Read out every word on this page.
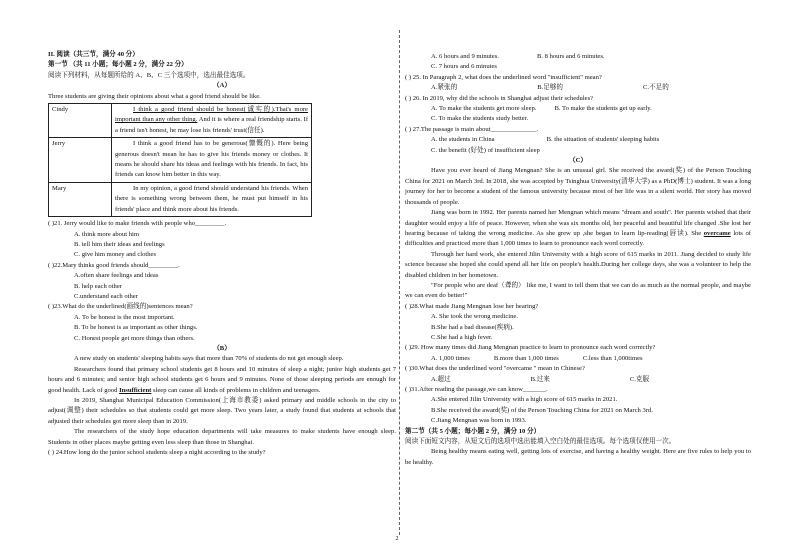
II. 阅读（共三节，满分 40 分）
第一节 （共 11 小题；每小题 2 分，满分 22 分）
阅读下列材料，从每题所给的 A、B、C 三个选项中，选出最佳选项。
（A）
Three students are giving their opinions about what a good friend should be like.
Cindy	I think a good friend should be honest(诚实的).That's more important than any other thing. And it is where a real friendship starts. If a friend isn't honest, he may lose his friends' trust(信任).
Jerry	I think a good friend has to be generous(慷慨的). Here being generous doesn't mean he has to give his friends money or clothes. It means he should share his ideas and feelings with his friends. In fact, his friends can know him better in this way.
Mary	In my opinion, a good friend should understand his friends. When there is something wrong between them, he must put himself in his friends' place and think more about his friends.
( )21. Jerry would like to make friends with people who_________.
A. think more about him
B. tell him their ideas and feelings
C. give him money and clothes
( )22.Mary thinks good friends should_________.
A.often share feelings and ideas
B. help each other
C.understand each other
( )23.What do the underlined(画线的)sentences mean?
A. To be honest is the most important.
B. To be honest is as important as other things.
C. Honest people get more things than others.
（B）
A new study on students' sleeping habits says that more than 70% of students do not get enough sleep.
Researchers found that primary school students get 8 hours and 10 minutes of sleep a night; junior high students get 7 hours and 6 minutes; and senior high school students get 6 hours and 9 minutes. None of those sleeping periods are enough for good health. Lack of good Insufficient sleep can cause all kinds of problems in children and teenagers.
In 2019, Shanghai Municipal Education Commission(上海市教委) asked primary and middle schools in the city to adjust(调整) their schedules so that students could get more sleep. Two years later, a study found that students at schools that adjusted their schedules got more sleep than in 2019.
The researchers of the study hope education departments will take measures to make students have enough sleep. Students in other places maybe getting even less sleep than those in Shanghai.
( ) 24.How long do the junior school students sleep a night according to the study?
A. 6 hours and 9 minutes.	B. 8 hours and 6 minutes.
C. 7 hours and 6 minutes
( ) 25. In Paragraph 2, what does the underlined word "insufficient" mean?
A.紧张的	B.足够的	C.不足的
( ) 26. In 2019, why did the schools in Shanghai adjust their schedules?
A. To make the students get more sleep.	B. To make the students get up early.
C. To make the students study better.
( ) 27.The passage is main about______________.
A. the students in China	B. the situation of students' sleeping habits
C. the benefit (好处) of insufficient sleep
（C）
Have you ever heard of Jiang Mengnan? She is an unusual girl. She received the award(奖) of the Person Touching China for 2021 on March 3rd. In 2018, she was accepted by Tsinghua University(清华大学) as a PhD(博士) student. It was a long journey for her to become a student of the famous university because most of her life was in a silent world. Her story has moved thousands of people.
Jiang was born in 1992. Her parents named her Mengnan which means "dream and south". Her parents wished that their daughter would enjoy a life of peace. However, when she was six months old, her peaceful and beautiful life changed .She lost her hearing because of taking the wrong medicine. As she grew up ,she began to learn lip-reading(唇读). She overcame lots of difficulties and practiced more than 1,000 times to learn to pronounce each word correctly.
Through her hard work, she entered Jilin University with a high score of 615 marks in 2011. Jiang decided to study life science because she hoped she could spend all her life on people's health.During her college days, she was a volunteer to help the disabled children in her hometown.
"For people who are deaf（聋的） like me, I want to tell them that we can do as much as the normal people, and maybe we can even do better!"
( )28.What made Jiang Mengnan lose her hearing?
A. She took the wrong medicine.
B.She had a bad disease(疾病).
C.She had a high fever.
( )29. How many times did Jiang Mengnan practice to learn to pronounce each word correctly?
A. 1,000 times	B.more than 1,000 times	C.less than 1,000times
( )30.What does the underlined word "overcame " mean in Chinese?
A.超过	B.过来	C.克服
( )31.After reading the passage,we can know_______.
A.She entered Jilin University with a high score of 615 marks in 2021.
B.She received the award(奖) of the Person Touching China for 2021 on March 3rd.
C.Jiang Mengnan was born in 1993.
第二节（共 5 小题；每小题 2 分，满分 10 分）
阅读下面短文内容，从短文后的选项中选出能填入空白处的最佳选项。每个选项仅使用一次。
Being healthy means eating well, getting lots of exercise, and having a healthy weight. Here are five rules to help you to be healthy.
2
